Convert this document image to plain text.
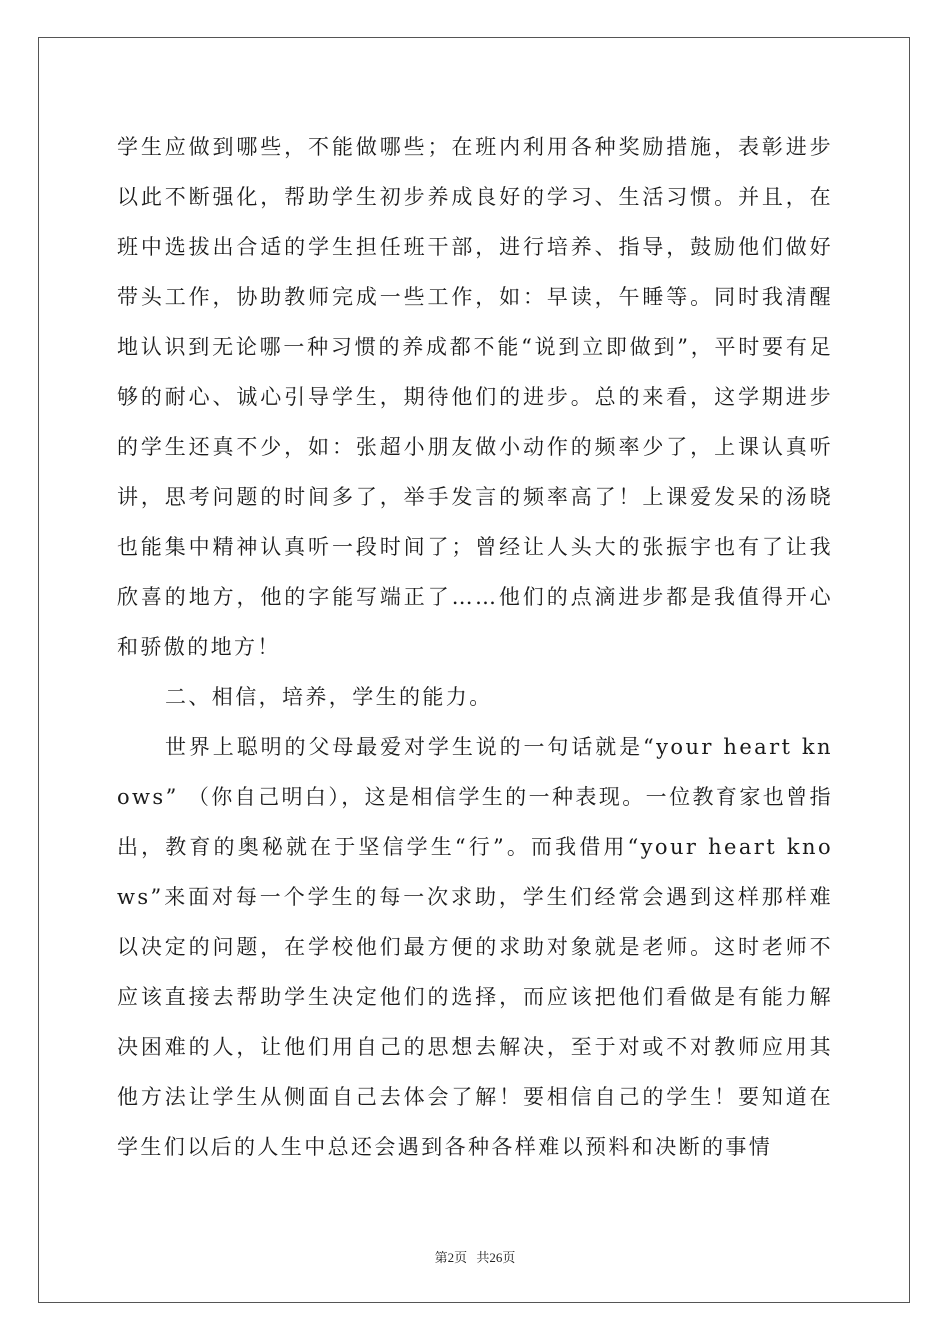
学生应做到哪些，不能做哪些；在班内利用各种奖励措施，表彰进步以此不断强化，帮助学生初步养成良好的学习、生活习惯。并且，在班中选拔出合适的学生担任班干部，进行培养、指导，鼓励他们做好带头工作，协助教师完成一些工作，如：早读，午睡等。同时我清醒地认识到无论哪一种习惯的养成都不能“说到立即做到”，平时要有足够的耐心、诚心引导学生，期待他们的进步。总的来看，这学期进步的学生还真不少，如：张超小朋友做小动作的频率少了，上课认真听讲，思考问题的时间多了，举手发言的频率高了！上课爱发呆的汤晓也能集中精神认真听一段时间了；曾经让人头大的张振宇也有了让我欣喜的地方，他的字能写端正了……他们的点滴进步都是我值得开心和骄傲的地方！

二、相信，培养，学生的能力。

世界上聪明的父母最爱对学生说的一句话就是“your heart knows” （你自己明白），这是相信学生的一种表现。一位教育家也曾指出，教育的奥秘就在于坚信学生“行”。而我借用“your heart knows”来面对每一个学生的每一次求助，学生们经常会遇到这样那样难以决定的问题，在学校他们最方便的求助对象就是老师。这时老师不应该直接去帮助学生决定他们的选择，而应该把他们看做是有能力解决困难的人，让他们用自己的思想去解决，至于对或不对教师应用其他方法让学生从侧面自己去体会了解！要相信自己的学生！要知道在学生们以后的人生中总还会遇到各种各样难以预料和决断的事情

第2页 共26页
